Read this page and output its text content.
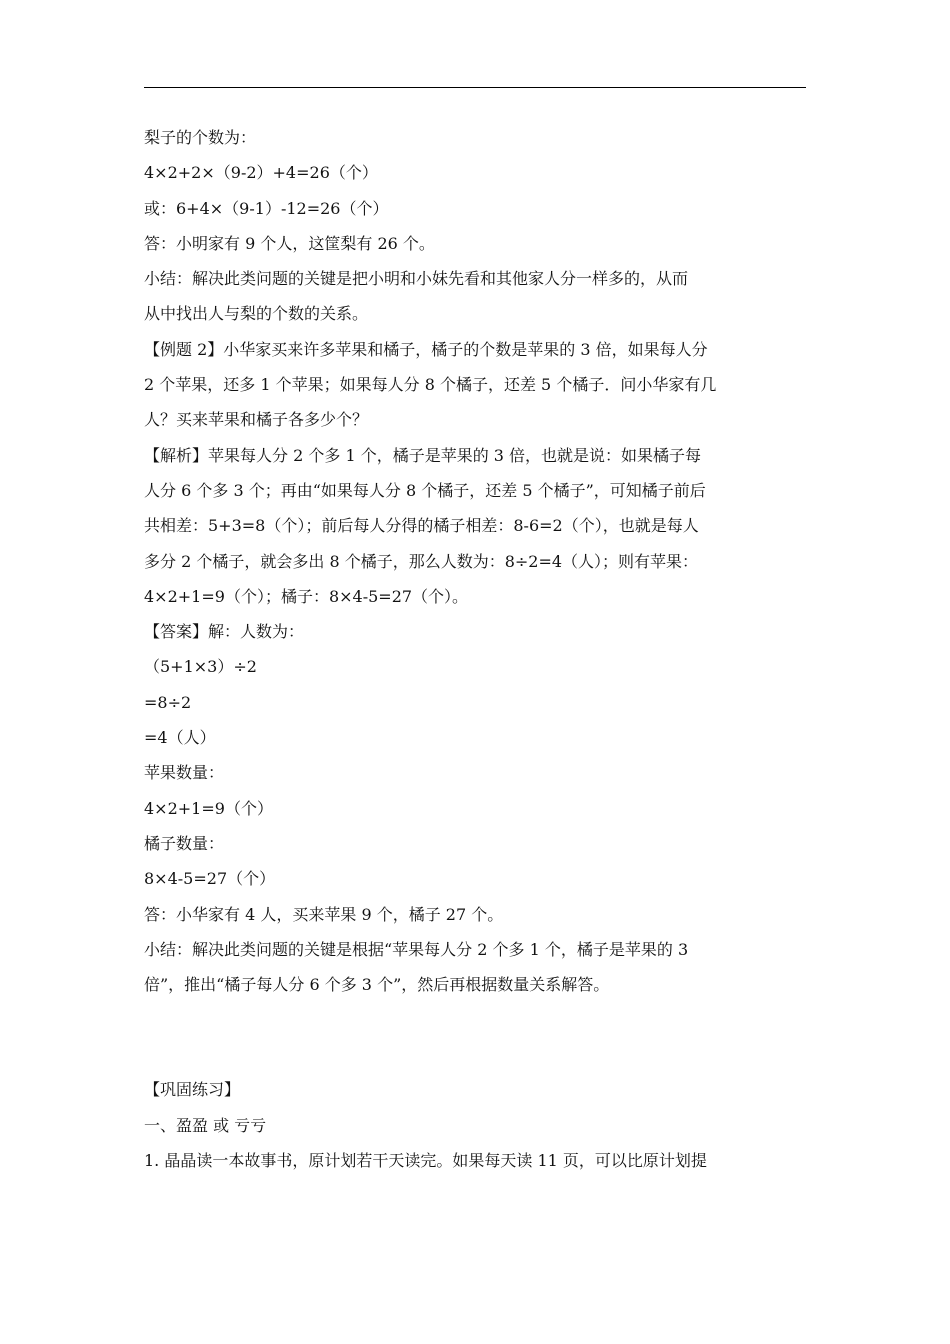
梨子的个数为：
4×2+2×（9-2）+4=26（个）
或：6+4×（9-1）-12=26（个）
答：小明家有 9 个人，这筐梨有 26 个。
小结：解决此类问题的关键是把小明和小妹先看和其他家人分一样多的，从而
从中找出人与梨的个数的关系。
【例题 2】小华家买来许多苹果和橘子，橘子的个数是苹果的 3 倍，如果每人分
2 个苹果，还多 1 个苹果；如果每人分 8 个橘子，还差 5 个橘子．问小华家有几
人？买来苹果和橘子各多少个？
【解析】苹果每人分 2 个多 1 个，橘子是苹果的 3 倍，也就是说：如果橘子每
人分 6 个多 3 个；再由“如果每人分 8 个橘子，还差 5 个橘子”，可知橘子前后
共相差：5+3=8（个）；前后每人分得的橘子相差：8-6=2（个），也就是每人
多分 2 个橘子，就会多出 8 个橘子，那么人数为：8÷2=4（人）；则有苹果：
4×2+1=9（个）；橘子：8×4-5=27（个）。
【答案】解：人数为：
（5+1×3）÷2
=8÷2
=4（人）
苹果数量：
4×2+1=9（个）
橘子数量：
8×4-5=27（个）
答：小华家有 4 人，买来苹果 9 个，橘子 27 个。
小结：解决此类问题的关键是根据“苹果每人分 2 个多 1 个，橘子是苹果的 3
倍”，推出“橘子每人分 6 个多 3 个”，然后再根据数量关系解答。
【巩固练习】
一、盈盈 或 亏亏
1. 晶晶读一本故事书，原计划若干天读完。如果每天读 11 页，可以比原计划提
